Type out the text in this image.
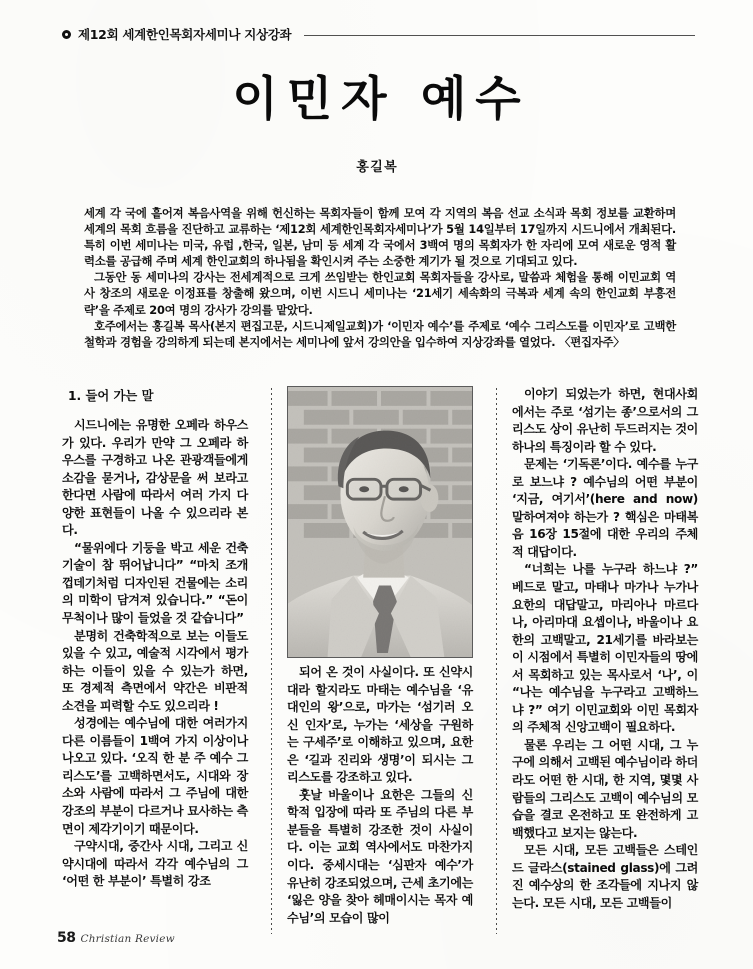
제12회 세계한인목회자세미나 지상강좌
이민자 예수
홍길복

세계 각 국에 흩어져 복음사역을 위해 헌신하는 목회자들이 함께 모여 각 지역의 복음 선교 소식과 목회 정보를 교환하며 세계의 목회 흐름을 진단하고 교류하는 ‘제12회 세계한인목회자세미나’가 5월 14일부터 17일까지 시드니에서 개최된다. 특히 이번 세미나는 미국, 유럽 ,한국, 일본, 남미 등 세계 각 국에서 3백여 명의 목회자가 한 자리에 모여 새로운 영적 활력소를 공급해 주며 세계 한인교회의 하나됨을 확인시켜 주는 소중한 계기가 될 것으로 기대되고 있다.

그동안 동 세미나의 강사는 전세계적으로 크게 쓰임받는 한인교회 목회자들을 강사로, 말씀과 체험을 통해 이민교회 역사 창조의 새로운 이정표를 창출해 왔으며, 이번 시드니 세미나는 ‘21세기 세속화의 극복과 세계 속의 한인교회 부흥전략’을 주제로 20여 명의 강사가 강의를 맡았다.

호주에서는 홍길복 목사(본지 편집고문, 시드니제일교회)가 ‘이민자 예수’를 주제로 ‘예수 그리스도를 이민자’로 고백한 철학과 경험을 강의하게 되는데 본지에서는 세미나에 앞서 강의안을 입수하여 지상강좌를 열었다. 〈편집자주〉

1. 들어 가는 말

시드니에는 유명한 오페라 하우스가 있다. 우리가 만약 그 오페라 하우스를 구경하고 나온 관광객들에게 소감을 묻거나, 감상문을 써 보라고 한다면 사람에 따라서 여러 가지 다양한 표현들이 나올 수 있으리라 본다.

“물위에다 기둥을 박고 세운 건축기술이 참 뛰어납니다” “마치 조개 껍데기처럼 디자인된 건물에는 소리의 미학이 담겨져 있습니다.” “돈이 무척이나 많이 들었을 것 같습니다”

분명히 건축학적으로 보는 이들도 있을 수 있고, 예술적 시각에서 평가하는 이들이 있을 수 있는가 하면, 또 경제적 측면에서 약간은 비판적 소견을 피력할 수도 있으리라 !

성경에는 예수님에 대한 여러가지 다른 이름들이 1백여 가지 이상이나 나오고 있다. ‘오직 한 분 주 예수 그리스도’를 고백하면서도, 시대와 장소와 사람에 따라서 그 주님에 대한 강조의 부분이 다르거나 묘사하는 측면이 제각기이기 때문이다.

구약시대, 중간사 시대, 그리고 신약시대에 따라서 각각 예수님의 그 ‘어떤 한 부분이’ 특별히 강조

되어 온 것이 사실이다. 또 신약시대라 할지라도 마태는 예수님을 ‘유대인의 왕’으로, 마가는 ‘섬기러 오신 인자’로, 누가는 ‘세상을 구원하는 구세주’로 이해하고 있으며, 요한은 ‘길과 진리와 생명’이 되시는 그리스도를 강조하고 있다.

훗날 바울이나 요한은 그들의 신학적 입장에 따라 또 주님의 다른 부분들을 특별히 강조한 것이 사실이다. 이는 교회 역사에서도 마찬가지이다. 중세시대는 ‘심판자 예수’가 유난히 강조되었으며, 근세 초기에는 ‘잃은 양을 찾아 헤매이시는 목자 예수님’의 모습이 많이

이야기 되었는가 하면, 현대사회에서는 주로 ‘섬기는 종’으로서의 그리스도 상이 유난히 두드러지는 것이 하나의 특징이라 할 수 있다.

문제는 ‘기독론’이다. 예수를 누구로 보느냐 ? 예수님의 어떤 부분이 ‘지금, 여기서’(here and now) 말하여져야 하는가 ? 핵심은 마태복음 16장 15절에 대한 우리의 주체적 대답이다.

“너희는 나를 누구라 하느냐 ?” 베드로 말고, 마태나 마가나 누가나 요한의 대답말고, 마리아나 마르다나, 아리마대 요셉이나, 바울이나 요한의 고백말고, 21세기를 바라보는 이 시점에서 특별히 이민자들의 땅에서 목회하고 있는 목사로서 ‘나’, 이 “나는 예수님을 누구라고 고백하느냐 ?” 여기 이민교회와 이민 목회자의 주체적 신앙고백이 필요하다.

물론 우리는 그 어떤 시대, 그 누구에 의해서 고백된 예수님이라 하더라도 어떤 한 시대, 한 지역, 몇몇 사람들의 그리스도 고백이 예수님의 모습을 결코 온전하고 또 완전하게 고백했다고 보지는 않는다.

모든 시대, 모든 고백들은 스테인드 글라스(stained glass)에 그려진 예수상의 한 조각들에 지나지 않는다. 모든 시대, 모든 고백들이

58 Christian Review
